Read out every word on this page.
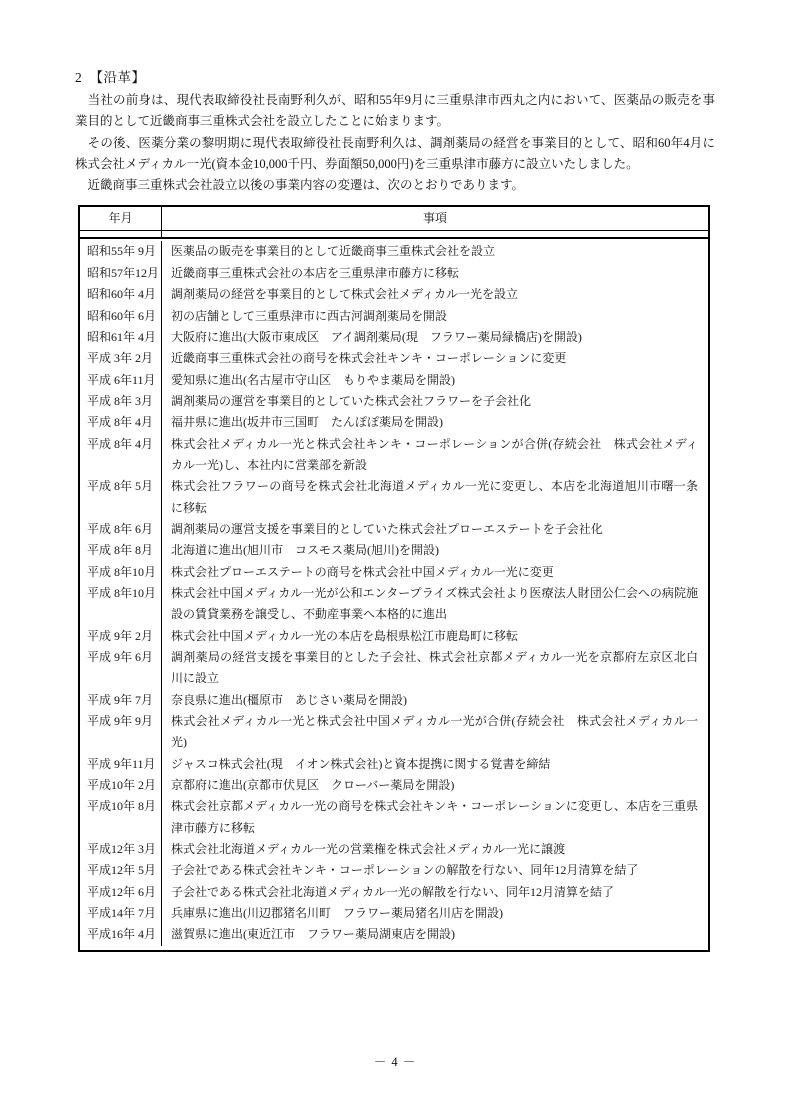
2　【沿革】

　当社の前身は、現代表取締役社長南野利久が、昭和55年9月に三重県津市西丸之内において、医薬品の販売を事業目的として近畿商事三重株式会社を設立したことに始まります。

　その後、医薬分業の黎明期に現代表取締役社長南野利久は、調剤薬局の経営を事業目的として、昭和60年4月に株式会社メディカル一光(資本金10,000千円、券面額50,000円)を三重県津市藤方に設立いたしました。

　近畿商事三重株式会社設立以後の事業内容の変遷は、次のとおりであります。

年月	事項
昭和55年 9月	医薬品の販売を事業目的として近畿商事三重株式会社を設立
昭和57年12月 近畿商事三重株式会社の本店を三重県津市藤方に移転
昭和60年 4月	調剤薬局の経営を事業目的として株式会社メディカル一光を設立
昭和60年 6月	初の店舗として三重県津市に西古河調剤薬局を開設
昭和61年 4月	大阪府に進出(大阪市東成区　アイ調剤薬局(現　フラワー薬局緑橋店)を開設)
平成 3年 2月	近畿商事三重株式会社の商号を株式会社キンキ・コーポレーションに変更
平成 6年11月	愛知県に進出(名古屋市守山区　もりやま薬局を開設)
平成 8年 3月	調剤薬局の運営を事業目的としていた株式会社フラワーを子会社化
平成 8年 4月	福井県に進出(坂井市三国町　たんぽぽ薬局を開設)
平成 8年 4月	株式会社メディカル一光と株式会社キンキ・コーポレーションが合併(存続会社　株式会社メディカル一光)し、本社内に営業部を新設
平成 8年 5月	株式会社フラワーの商号を株式会社北海道メディカル一光に変更し、本店を北海道旭川市曙一条に移転
平成 8年 6月	調剤薬局の運営支援を事業目的としていた株式会社プローエステートを子会社化
平成 8年 8月	北海道に進出(旭川市　コスモス薬局(旭川)を開設)
平成 8年10月	株式会社プローエステートの商号を株式会社中国メディカル一光に変更
平成 8年10月	株式会社中国メディカル一光が公和エンタープライズ株式会社より医療法人財団公仁会への病院施設の賃貸業務を譲受し、不動産事業へ本格的に進出
平成 9年 2月	株式会社中国メディカル一光の本店を島根県松江市鹿島町に移転
平成 9年 6月	調剤薬局の経営支援を事業目的とした子会社、株式会社京都メディカル一光を京都府左京区北白川に設立
平成 9年 7月	奈良県に進出(橿原市　あじさい薬局を開設)
平成 9年 9月	株式会社メディカル一光と株式会社中国メディカル一光が合併(存続会社　株式会社メディカル一光)
平成 9年11月	ジャスコ株式会社(現　イオン株式会社)と資本提携に関する覚書を締結
平成10年 2月	京都府に進出(京都市伏見区　クローバー薬局を開設)
平成10年 8月	株式会社京都メディカル一光の商号を株式会社キンキ・コーポレーションに変更し、本店を三重県津市藤方に移転
平成12年 3月	株式会社北海道メディカル一光の営業権を株式会社メディカル一光に譲渡
平成12年 5月	子会社である株式会社キンキ・コーポレーションの解散を行ない、同年12月清算を結了
平成12年 6月	子会社である株式会社北海道メディカル一光の解散を行ない、同年12月清算を結了
平成14年 7月	兵庫県に進出(川辺郡猪名川町　フラワー薬局猪名川店を開設)
平成16年 4月	滋賀県に進出(東近江市　フラワー薬局湖東店を開設)
－ 4 －
